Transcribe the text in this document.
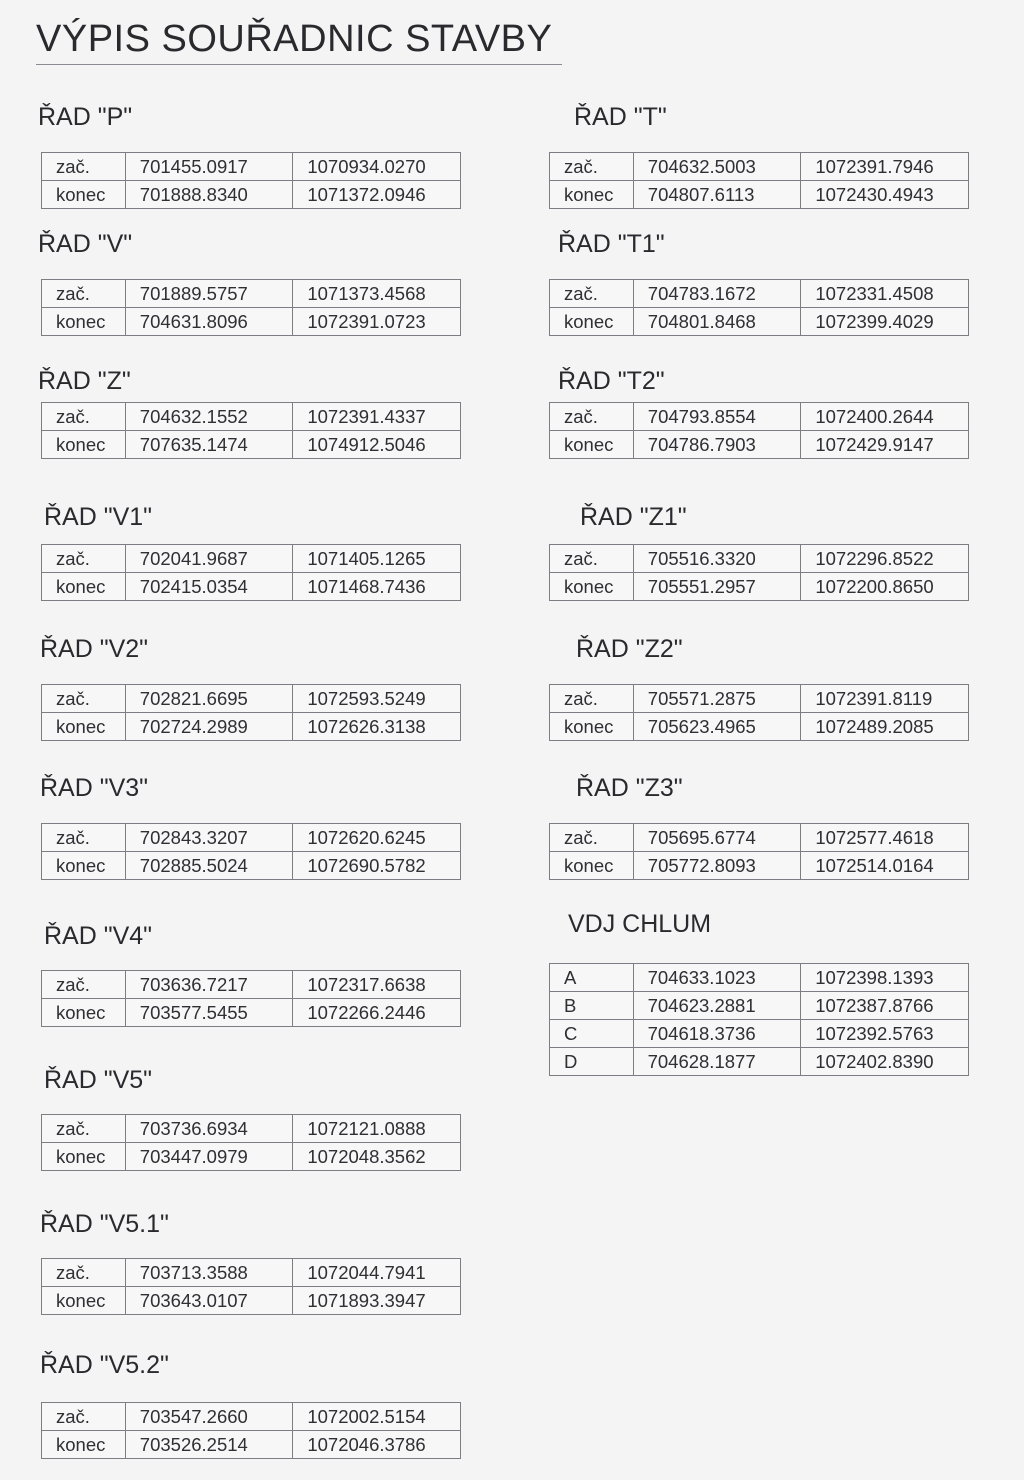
VÝPIS SOUŘADNIC STAVBY
ŘAD "P"
zač.	701455.0917	1070934.0270
konec	701888.8340	1071372.0946
ŘAD "V"
zač.	701889.5757	1071373.4568
konec	704631.8096	1072391.0723
ŘAD "Z"
zač.	704632.1552	1072391.4337
konec	707635.1474	1074912.5046
ŘAD "V1"
zač.	702041.9687	1071405.1265
konec	702415.0354	1071468.7436
ŘAD "V2"
zač.	702821.6695	1072593.5249
konec	702724.2989	1072626.3138
ŘAD "V3"
zač.	702843.3207	1072620.6245
konec	702885.5024	1072690.5782
ŘAD "V4"
zač.	703636.7217	1072317.6638
konec	703577.5455	1072266.2446
ŘAD "V5"
zač.	703736.6934	1072121.0888
konec	703447.0979	1072048.3562
ŘAD "V5.1"
zač.	703713.3588	1072044.7941
konec	703643.0107	1071893.3947
ŘAD "V5.2"
zač.	703547.2660	1072002.5154
konec	703526.2514	1072046.3786
ŘAD "T"
zač.	704632.5003	1072391.7946
konec	704807.6113	1072430.4943
ŘAD "T1"
zač.	704783.1672	1072331.4508
konec	704801.8468	1072399.4029
ŘAD "T2"
zač.	704793.8554	1072400.2644
konec	704786.7903	1072429.9147
ŘAD "Z1"
zač.	705516.3320	1072296.8522
konec	705551.2957	1072200.8650
ŘAD "Z2"
zač.	705571.2875	1072391.8119
konec	705623.4965	1072489.2085
ŘAD "Z3"
zač.	705695.6774	1072577.4618
konec	705772.8093	1072514.0164
VDJ CHLUM
A	704633.1023	1072398.1393
B	704623.2881	1072387.8766
C	704618.3736	1072392.5763
D	704628.1877	1072402.8390
